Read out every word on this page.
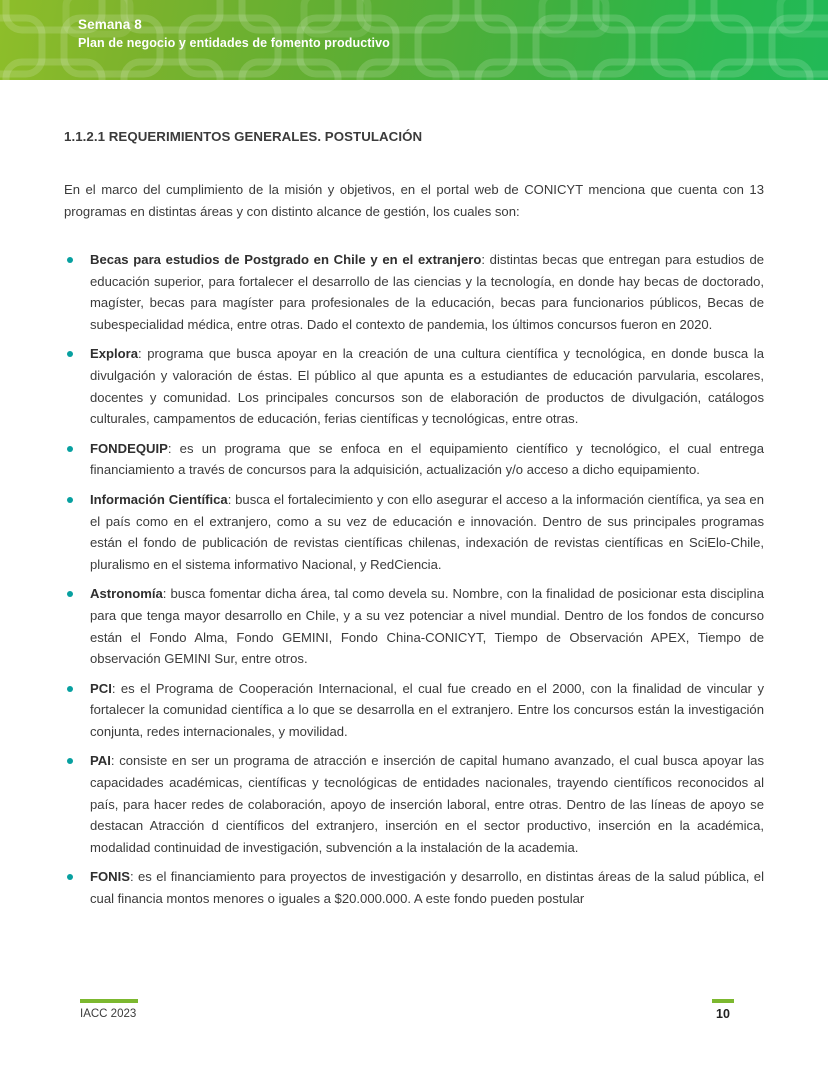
Semana 8
Plan de negocio y entidades de fomento productivo
1.1.2.1 REQUERIMIENTOS GENERALES. POSTULACIÓN

En el marco del cumplimiento de la misión y objetivos, en el portal web de CONICYT menciona que cuenta con 13 programas en distintas áreas y con distinto alcance de gestión, los cuales son:

Becas para estudios de Postgrado en Chile y en el extranjero: distintas becas que entregan para estudios de educación superior, para fortalecer el desarrollo de las ciencias y la tecnología, en donde hay becas de doctorado, magíster, becas para magíster para profesionales de la educación, becas para funcionarios públicos, Becas de subespecialidad médica, entre otras. Dado el contexto de pandemia, los últimos concursos fueron en 2020.
Explora: programa que busca apoyar en la creación de una cultura científica y tecnológica, en donde busca la divulgación y valoración de éstas. El público al que apunta es a estudiantes de educación parvularia, escolares, docentes y comunidad. Los principales concursos son de elaboración de productos de divulgación, catálogos culturales, campamentos de educación, ferias científicas y tecnológicas, entre otras.
FONDEQUIP: es un programa que se enfoca en el equipamiento científico y tecnológico, el cual entrega financiamiento a través de concursos para la adquisición, actualización y/o acceso a dicho equipamiento.
Información Científica: busca el fortalecimiento y con ello asegurar el acceso a la información científica, ya sea en el país como en el extranjero, como a su vez de educación e innovación. Dentro de sus principales programas están el fondo de publicación de revistas científicas chilenas, indexación de revistas científicas en SciElo-Chile, pluralismo en el sistema informativo Nacional, y RedCiencia.
Astronomía: busca fomentar dicha área, tal como devela su. Nombre, con la finalidad de posicionar esta disciplina para que tenga mayor desarrollo en Chile, y a su vez potenciar a nivel mundial. Dentro de los fondos de concurso están el Fondo Alma, Fondo GEMINI, Fondo China-CONICYT, Tiempo de Observación APEX, Tiempo de observación GEMINI Sur, entre otros.
PCI: es el Programa de Cooperación Internacional, el cual fue creado en el 2000, con la finalidad de vincular y fortalecer la comunidad científica a lo que se desarrolla en el extranjero. Entre los concursos están la investigación conjunta, redes internacionales, y movilidad.
PAI: consiste en ser un programa de atracción e inserción de capital humano avanzado, el cual busca apoyar las capacidades académicas, científicas y tecnológicas de entidades nacionales, trayendo científicos reconocidos al país, para hacer redes de colaboración, apoyo de inserción laboral, entre otras. Dentro de las líneas de apoyo se destacan Atracción d científicos del extranjero, inserción en el sector productivo, inserción en la académica, modalidad continuidad de investigación, subvención a la instalación de la academia.
FONIS: es el financiamiento para proyectos de investigación y desarrollo, en distintas áreas de la salud pública, el cual financia montos menores o iguales a $20.000.000. A este fondo pueden postular
IACC 2023	10
